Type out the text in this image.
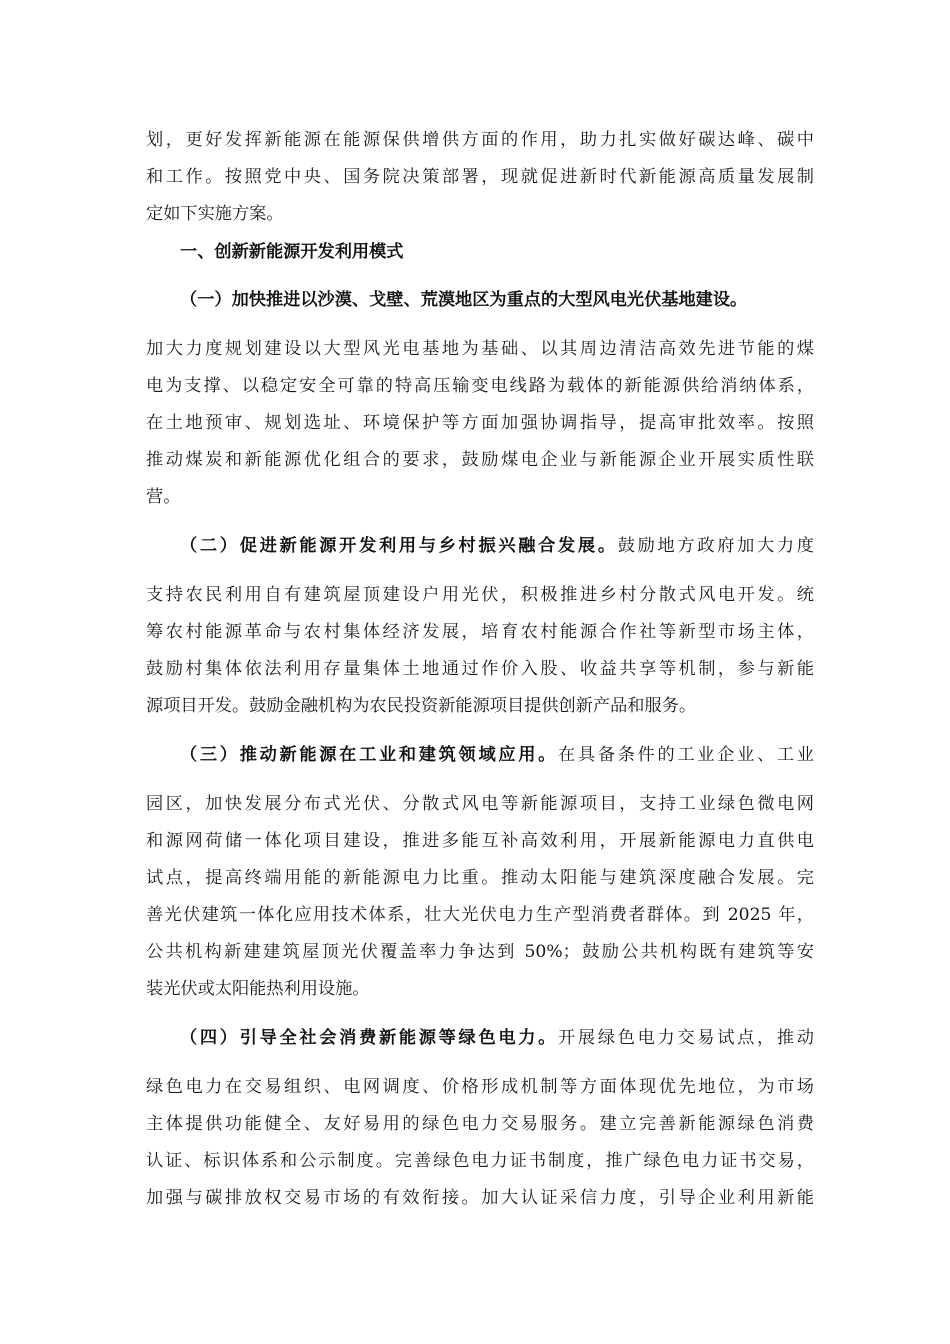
划，更好发挥新能源在能源保供增供方面的作用，助力扎实做好碳达峰、碳中
和工作。按照党中央、国务院决策部署，现就促进新时代新能源高质量发展制
定如下实施方案。
一、创新新能源开发利用模式
（一）加快推进以沙漠、戈壁、荒漠地区为重点的大型风电光伏基地建设。
加大力度规划建设以大型风光电基地为基础、以其周边清洁高效先进节能的煤
电为支撑、以稳定安全可靠的特高压输变电线路为载体的新能源供给消纳体系，
在土地预审、规划选址、环境保护等方面加强协调指导，提高审批效率。按照
推动煤炭和新能源优化组合的要求，鼓励煤电企业与新能源企业开展实质性联
营。
（二）促进新能源开发利用与乡村振兴融合发展。鼓励地方政府加大力度
支持农民利用自有建筑屋顶建设户用光伏，积极推进乡村分散式风电开发。统
筹农村能源革命与农村集体经济发展，培育农村能源合作社等新型市场主体，
鼓励村集体依法利用存量集体土地通过作价入股、收益共享等机制，参与新能
源项目开发。鼓励金融机构为农民投资新能源项目提供创新产品和服务。
（三）推动新能源在工业和建筑领域应用。在具备条件的工业企业、工业
园区，加快发展分布式光伏、分散式风电等新能源项目，支持工业绿色微电网
和源网荷储一体化项目建设，推进多能互补高效利用，开展新能源电力直供电
试点，提高终端用能的新能源电力比重。推动太阳能与建筑深度融合发展。完
善光伏建筑一体化应用技术体系，壮大光伏电力生产型消费者群体。到 2025 年，
公共机构新建建筑屋顶光伏覆盖率力争达到 50%；鼓励公共机构既有建筑等安
装光伏或太阳能热利用设施。
（四）引导全社会消费新能源等绿色电力。开展绿色电力交易试点，推动
绿色电力在交易组织、电网调度、价格形成机制等方面体现优先地位，为市场
主体提供功能健全、友好易用的绿色电力交易服务。建立完善新能源绿色消费
认证、标识体系和公示制度。完善绿色电力证书制度，推广绿色电力证书交易，
加强与碳排放权交易市场的有效衔接。加大认证采信力度，引导企业利用新能
